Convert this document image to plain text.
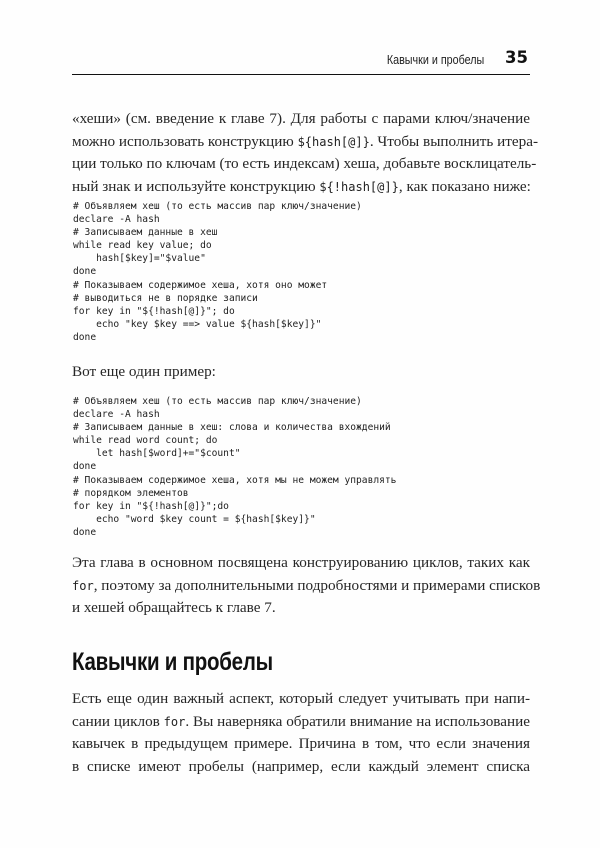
Кавычки и пробелы 35
«хеши» (см. введение к главе 7). Для работы с парами ключ/значение
можно использовать конструкцию ${hash[@]}. Чтобы выполнить итера-
ции только по ключам (то есть индексам) хеша, добавьте восклицатель-
ный знак и используйте конструкцию ${!hash[@]}, как показано ниже:
# Объявляем хеш (то есть массив пар ключ/значение)
declare -A hash
# Записываем данные в хеш
while read key value; do
hash[$key]="$value"
done
# Показываем содержимое хеша, хотя оно может
# выводиться не в порядке записи
for key in "${!hash[@]}"; do
echo "key $key ==> value ${hash[$key]}"
done
Вот еще один пример:
# Объявляем хеш (то есть массив пар ключ/значение)
declare -A hash
# Записываем данные в хеш: слова и количества вхождений
while read word count; do
let hash[$word]+="$count"
done
# Показываем содержимое хеша, хотя мы не можем управлять
# порядком элементов
for key in "${!hash[@]}";do
echo "word $key count = ${hash[$key]}"
done
Эта глава в основном посвящена конструированию циклов, таких как
for, поэтому за дополнительными подробностями и примерами списков
и хешей обращайтесь к главе 7.
Кавычки и пробелы
Есть еще один важный аспект, который следует учитывать при напи-
сании циклов for. Вы наверняка обратили внимание на использование
кавычек в предыдущем примере. Причина в том, что если значения
в списке имеют пробелы (например, если каждый элемент списка
